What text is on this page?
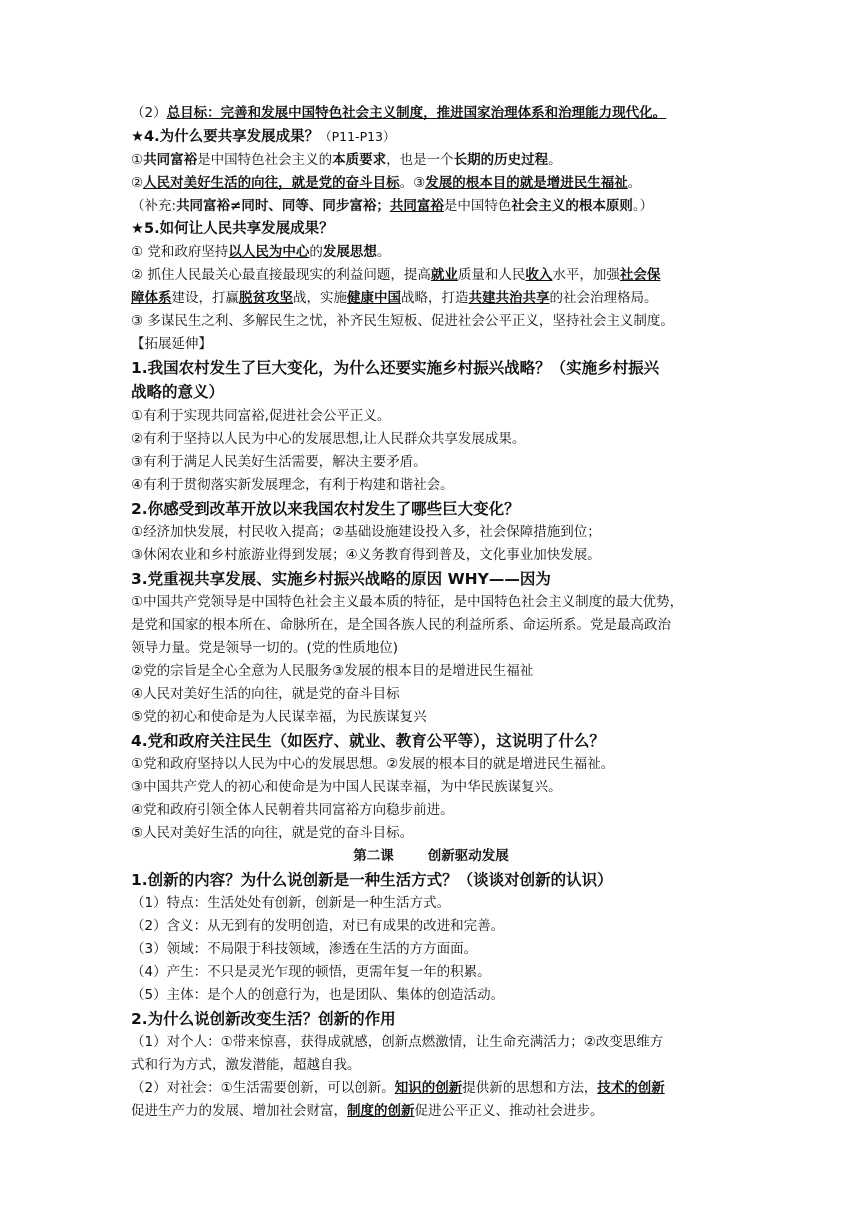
（2）总目标：完善和发展中国特色社会主义制度，推进国家治理体系和治理能力现代化。
★4.为什么要共享发展成果？（P11-P13）
①共同富裕是中国特色社会主义的本质要求，也是一个长期的历史过程。
②人民对美好生活的向往，就是党的奋斗目标。③发展的根本目的就是增进民生福祉。
（补充:共同富裕≠同时、同等、同步富裕；共同富裕是中国特色社会主义的根本原则。）
★5.如何让人民共享发展成果？
① 党和政府坚持以人民为中心的发展思想。
② 抓住人民最关心最直接最现实的利益问题，提高就业质量和人民收入水平，加强社会保
障体系建设，打赢脱贫攻坚战，实施健康中国战略，打造共建共治共享的社会治理格局。
③ 多谋民生之利、多解民生之忧，补齐民生短板、促进社会公平正义，坚持社会主义制度。
【拓展延伸】
1.我国农村发生了巨大变化，为什么还要实施乡村振兴战略？（实施乡村振兴
战略的意义）
①有利于实现共同富裕,促进社会公平正义。
②有利于坚持以人民为中心的发展思想,让人民群众共享发展成果。
③有利于满足人民美好生活需要，解决主要矛盾。
④有利于贯彻落实新发展理念，有利于构建和谐社会。
2.你感受到改革开放以来我国农村发生了哪些巨大变化？
①经济加快发展，村民收入提高；②基础设施建设投入多，社会保障措施到位；
③休闲农业和乡村旅游业得到发展；④义务教育得到普及，文化事业加快发展。
3.党重视共享发展、实施乡村振兴战略的原因 WHY——因为
①中国共产党领导是中国特色社会主义最本质的特征，是中国特色社会主义制度的最大优势，
是党和国家的根本所在、命脉所在，是全国各族人民的利益所系、命运所系。党是最高政治
领导力量。党是领导一切的。(党的性质地位)
②党的宗旨是全心全意为人民服务③发展的根本目的是增进民生福祉
④人民对美好生活的向往，就是党的奋斗目标
⑤党的初心和使命是为人民谋幸福，为民族谋复兴
4.党和政府关注民生（如医疗、就业、教育公平等），这说明了什么？
①党和政府坚持以人民为中心的发展思想。②发展的根本目的就是增进民生福祉。
③中国共产党人的初心和使命是为中国人民谋幸福，为中华民族谋复兴。
④党和政府引领全体人民朝着共同富裕方向稳步前进。
⑤人民对美好生活的向往，就是党的奋斗目标。
第二课	创新驱动发展
1.创新的内容？为什么说创新是一种生活方式？（谈谈对创新的认识）
（1）特点：生活处处有创新，创新是一种生活方式。
（2）含义：从无到有的发明创造，对已有成果的改进和完善。
（3）领域：不局限于科技领域，渗透在生活的方方面面。
（4）产生：不只是灵光乍现的顿悟，更需年复一年的积累。
（5）主体：是个人的创意行为，也是团队、集体的创造活动。
2.为什么说创新改变生活？创新的作用
（1）对个人：①带来惊喜，获得成就感，创新点燃激情，让生命充满活力；②改变思维方
式和行为方式，激发潜能，超越自我。
（2）对社会：①生活需要创新，可以创新。知识的创新提供新的思想和方法，技术的创新
促进生产力的发展、增加社会财富，制度的创新促进公平正义、推动社会进步。
